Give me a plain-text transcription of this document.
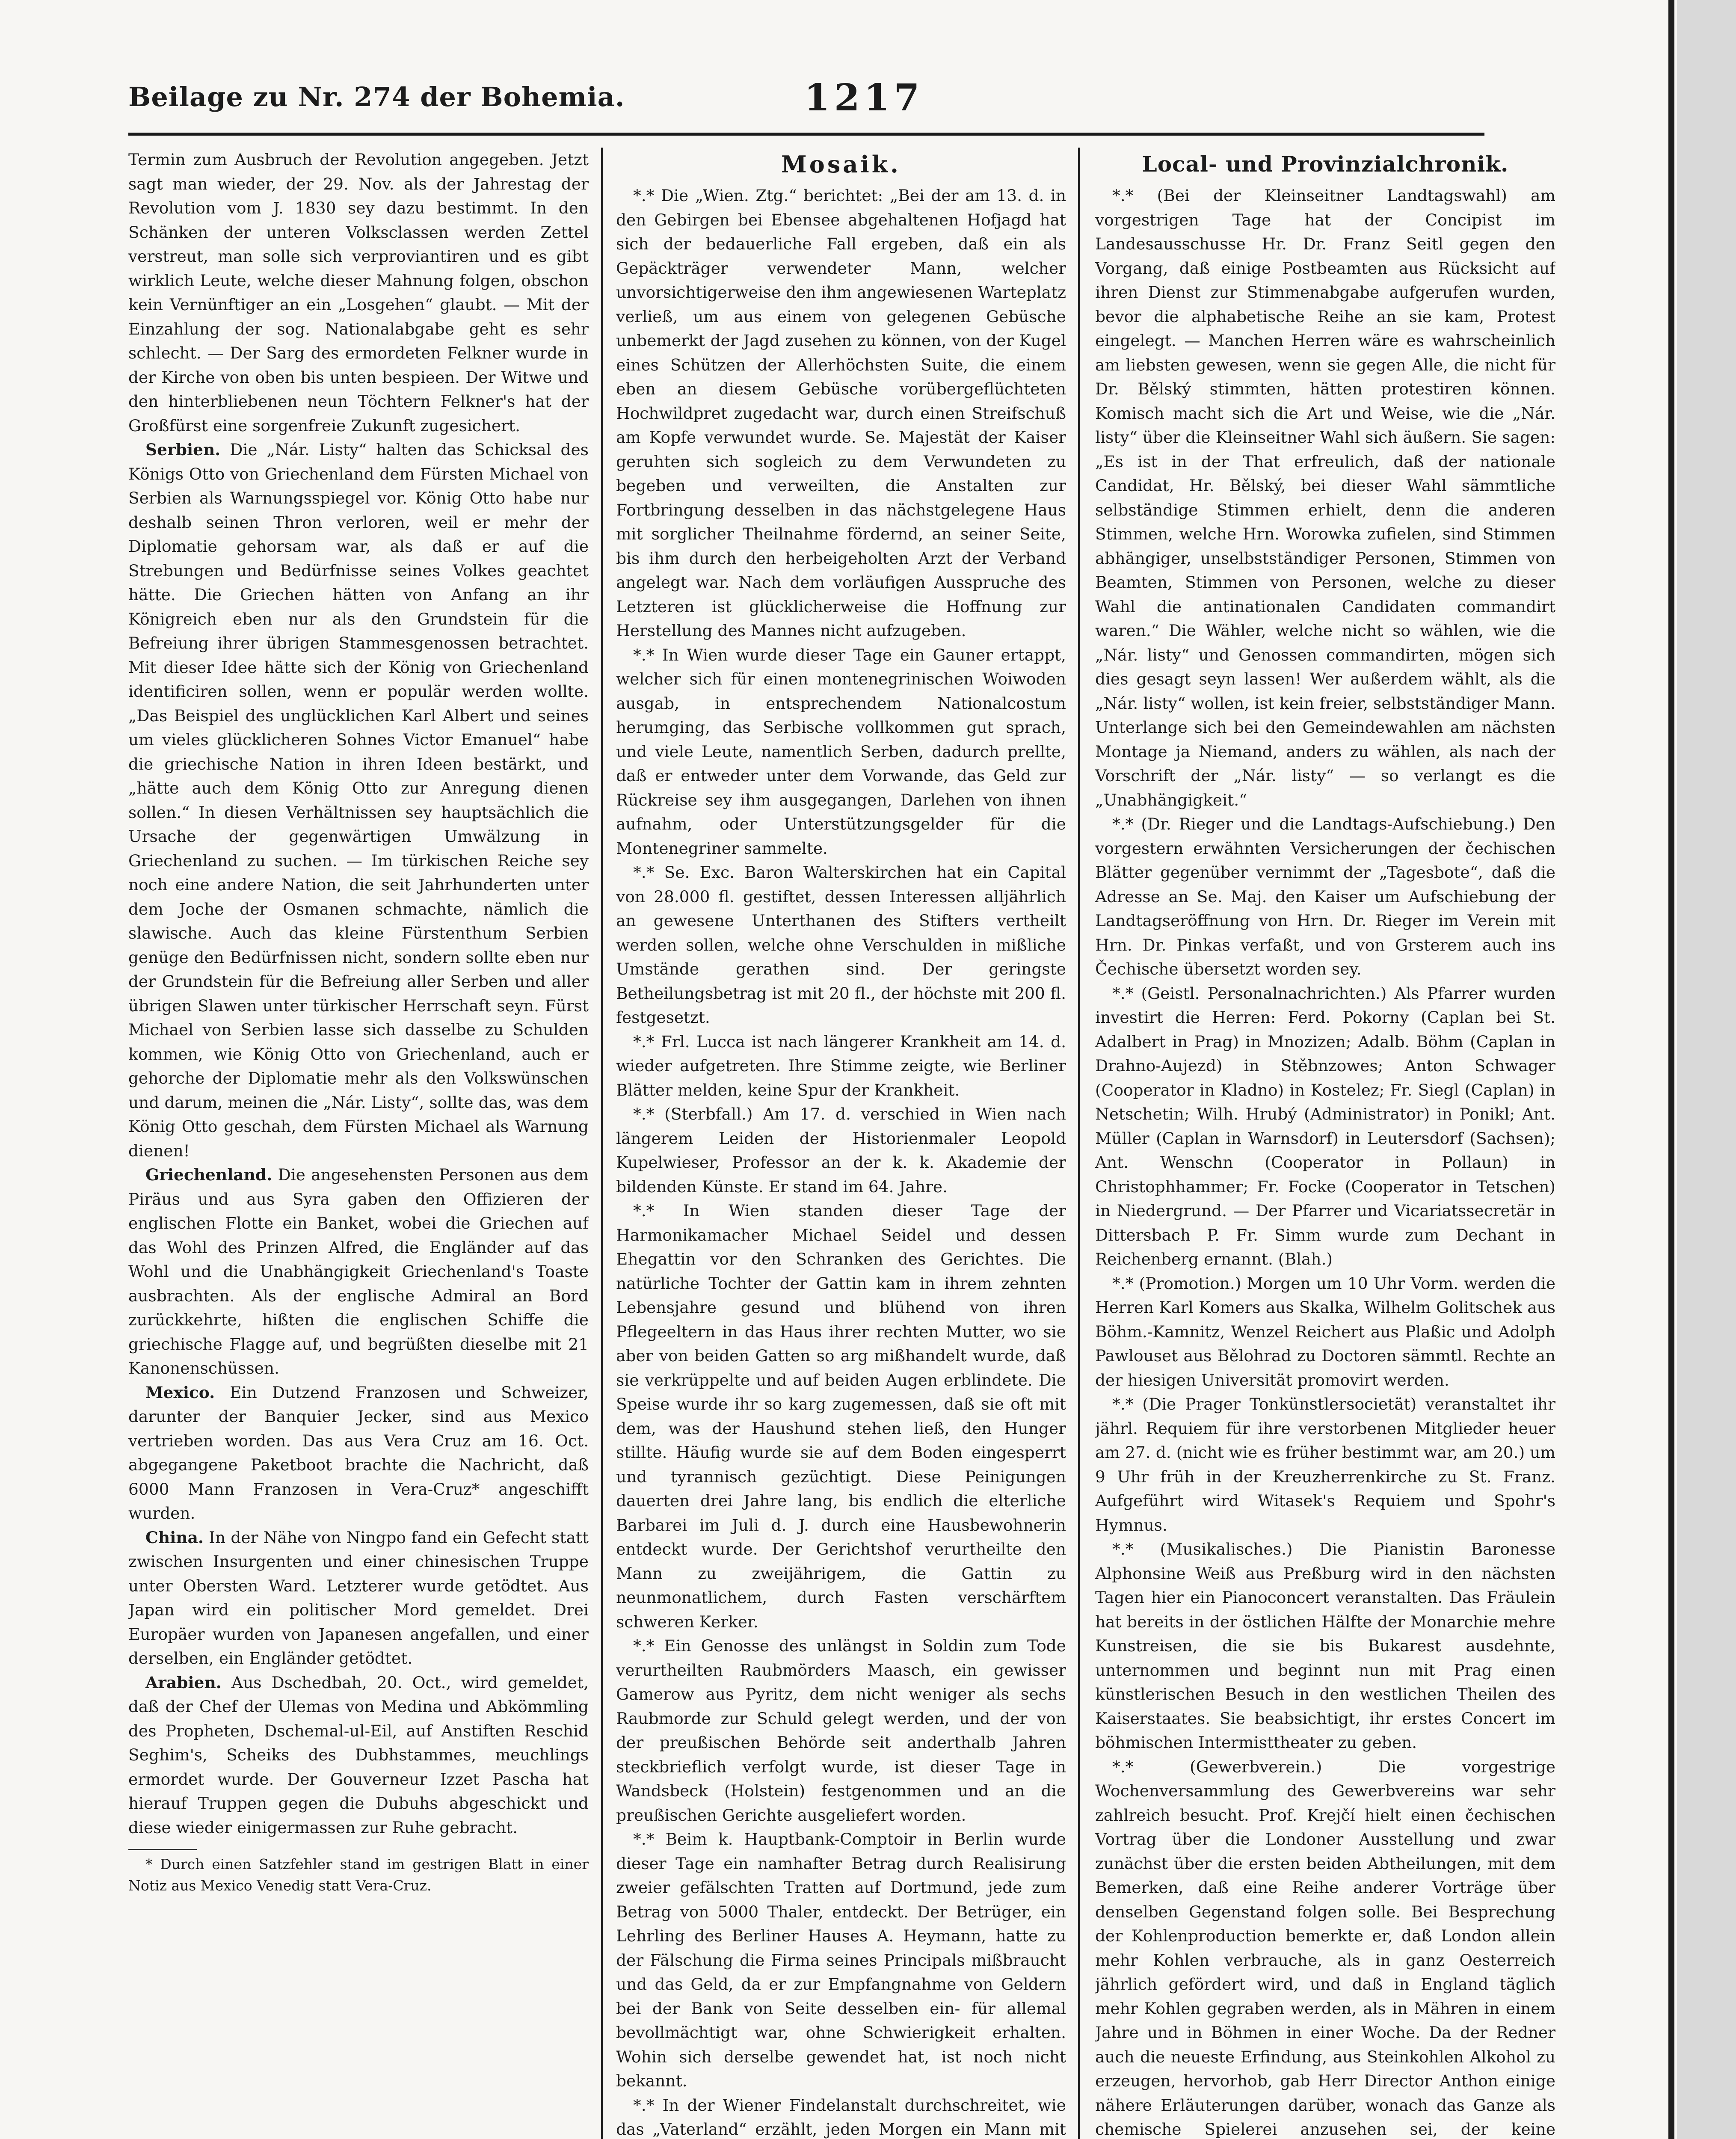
Beilage zu Nr. 274 der Bohemia.	1217

Termin zum Ausbruch der Revolution angegeben. Jetzt sagt man wieder, der 29. Nov. als der Jahrestag der Revolution vom J. 1830 sey dazu bestimmt. In den Schänken der unteren Volksclassen werden Zettel verstreut, man solle sich verproviantiren und es gibt wirklich Leute, welche dieser Mahnung folgen, obschon kein Vernünftiger an ein „Losgehen“ glaubt. — Mit der Einzahlung der sog. Nationalabgabe geht es sehr schlecht. — Der Sarg des ermordeten Felkner wurde in der Kirche von oben bis unten bespieen. Der Witwe und den hinterbliebenen neun Töchtern Felkner's hat der Großfürst eine sorgenfreie Zukunft zugesichert.

Serbien. Die „Nár. Listy“ halten das Schicksal des Königs Otto von Griechenland dem Fürsten Michael von Serbien als Warnungsspiegel vor. König Otto habe nur deshalb seinen Thron verloren, weil er mehr der Diplomatie gehorsam war, als daß er auf die Strebungen und Bedürfnisse seines Volkes geachtet hätte. Die Griechen hätten von Anfang an ihr Königreich eben nur als den Grundstein für die Befreiung ihrer übrigen Stammesgenossen betrachtet. Mit dieser Idee hätte sich der König von Griechenland identificiren sollen, wenn er populär werden wollte. „Das Beispiel des unglücklichen Karl Albert und seines um vieles glücklicheren Sohnes Victor Emanuel“ habe die griechische Nation in ihren Ideen bestärkt, und „hätte auch dem König Otto zur Anregung dienen sollen.“ In diesen Verhältnissen sey hauptsächlich die Ursache der gegenwärtigen Umwälzung in Griechenland zu suchen. — Im türkischen Reiche sey noch eine andere Nation, die seit Jahrhunderten unter dem Joche der Osmanen schmachte, nämlich die slawische. Auch das kleine Fürstenthum Serbien genüge den Bedürfnissen nicht, sondern sollte eben nur der Grundstein für die Befreiung aller Serben und aller übrigen Slawen unter türkischer Herrschaft seyn. Fürst Michael von Serbien lasse sich dasselbe zu Schulden kommen, wie König Otto von Griechenland, auch er gehorche der Diplomatie mehr als den Volkswünschen und darum, meinen die „Nár. Listy“, sollte das, was dem König Otto geschah, dem Fürsten Michael als Warnung dienen!

Griechenland. Die angesehensten Personen aus dem Piräus und aus Syra gaben den Offizieren der englischen Flotte ein Banket, wobei die Griechen auf das Wohl des Prinzen Alfred, die Engländer auf das Wohl und die Unabhängigkeit Griechenland's Toaste ausbrachten. Als der englische Admiral an Bord zurückkehrte, hißten die englischen Schiffe die griechische Flagge auf, und begrüßten dieselbe mit 21 Kanonenschüssen.

Mexico. Ein Dutzend Franzosen und Schweizer, darunter der Banquier Jecker, sind aus Mexico vertrieben worden. Das aus Vera Cruz am 16. Oct. abgegangene Paketboot brachte die Nachricht, daß 6000 Mann Franzosen in Vera-Cruz* angeschifft wurden.

China. In der Nähe von Ningpo fand ein Gefecht statt zwischen Insurgenten und einer chinesischen Truppe unter Obersten Ward. Letzterer wurde getödtet. Aus Japan wird ein politischer Mord gemeldet. Drei Europäer wurden von Japanesen angefallen, und einer derselben, ein Engländer getödtet.

Arabien. Aus Dschedbah, 20. Oct., wird gemeldet, daß der Chef der Ulemas von Medina und Abkömmling des Propheten, Dschemal-ul-Eil, auf Anstiften Reschid Seghim's, Scheiks des Dubhstammes, meuchlings ermordet wurde. Der Gouverneur Izzet Pascha hat hierauf Truppen gegen die Dubuhs abgeschickt und diese wieder einigermassen zur Ruhe gebracht.

* Durch einen Satzfehler stand im gestrigen Blatt in einer Notiz aus Mexico Venedig statt Vera-Cruz.

Mosaik.

*.* Die „Wien. Ztg.“ berichtet: „Bei der am 13. d. in den Gebirgen bei Ebensee abgehaltenen Hofjagd hat sich der bedauerliche Fall ergeben, daß ein als Gepäckträger verwendeter Mann, welcher unvorsichtigerweise den ihm angewiesenen Warteplatz verließ, um aus einem von gelegenen Gebüsche unbemerkt der Jagd zusehen zu können, von der Kugel eines Schützen der Allerhöchsten Suite, die einem eben an diesem Gebüsche vorübergeflüchteten Hochwildpret zugedacht war, durch einen Streifschuß am Kopfe verwundet wurde. Se. Majestät der Kaiser geruhten sich sogleich zu dem Verwundeten zu begeben und verweilten, die Anstalten zur Fortbringung desselben in das nächstgelegene Haus mit sorglicher Theilnahme fördernd, an seiner Seite, bis ihm durch den herbeigeholten Arzt der Verband angelegt war. Nach dem vorläufigen Ausspruche des Letzteren ist glücklicherweise die Hoffnung zur Herstellung des Mannes nicht aufzugeben.

*.* In Wien wurde dieser Tage ein Gauner ertappt, welcher sich für einen montenegrinischen Woiwoden ausgab, in entsprechendem Nationalcostum herumging, das Serbische vollkommen gut sprach, und viele Leute, namentlich Serben, dadurch prellte, daß er entweder unter dem Vorwande, das Geld zur Rückreise sey ihm ausgegangen, Darlehen von ihnen aufnahm, oder Unterstützungsgelder für die Montenegriner sammelte.

*.* Se. Exc. Baron Walterskirchen hat ein Capital von 28.000 fl. gestiftet, dessen Interessen alljährlich an gewesene Unterthanen des Stifters vertheilt werden sollen, welche ohne Verschulden in mißliche Umstände gerathen sind. Der geringste Betheilungsbetrag ist mit 20 fl., der höchste mit 200 fl. festgesetzt.

*.* Frl. Lucca ist nach längerer Krankheit am 14. d. wieder aufgetreten. Ihre Stimme zeigte, wie Berliner Blätter melden, keine Spur der Krankheit.

*.* (Sterbfall.) Am 17. d. verschied in Wien nach längerem Leiden der Historienmaler Leopold Kupelwieser, Professor an der k. k. Akademie der bildenden Künste. Er stand im 64. Jahre.

*.* In Wien standen dieser Tage der Harmonikamacher Michael Seidel und dessen Ehegattin vor den Schranken des Gerichtes. Die natürliche Tochter der Gattin kam in ihrem zehnten Lebensjahre gesund und blühend von ihren Pflegeeltern in das Haus ihrer rechten Mutter, wo sie aber von beiden Gatten so arg mißhandelt wurde, daß sie verkrüppelte und auf beiden Augen erblindete. Die Speise wurde ihr so karg zugemessen, daß sie oft mit dem, was der Haushund stehen ließ, den Hunger stillte. Häufig wurde sie auf dem Boden eingesperrt und tyrannisch gezüchtigt. Diese Peinigungen dauerten drei Jahre lang, bis endlich die elterliche Barbarei im Juli d. J. durch eine Hausbewohnerin entdeckt wurde. Der Gerichtshof verurtheilte den Mann zu zweijährigem, die Gattin zu neunmonatlichem, durch Fasten verschärftem schweren Kerker.

*.* Ein Genosse des unlängst in Soldin zum Tode verurtheilten Raubmörders Maasch, ein gewisser Gamerow aus Pyritz, dem nicht weniger als sechs Raubmorde zur Schuld gelegt werden, und der von der preußischen Behörde seit anderthalb Jahren steckbrieflich verfolgt wurde, ist dieser Tage in Wandsbeck (Holstein) festgenommen und an die preußischen Gerichte ausgeliefert worden.

*.* Beim k. Hauptbank-Comptoir in Berlin wurde dieser Tage ein namhafter Betrag durch Realisirung zweier gefälschten Tratten auf Dortmund, jede zum Betrag von 5000 Thaler, entdeckt. Der Betrüger, ein Lehrling des Berliner Hauses A. Heymann, hatte zu der Fälschung die Firma seines Principals mißbraucht und das Geld, da er zur Empfangnahme von Geldern bei der Bank von Seite desselben ein- für allemal bevollmächtigt war, ohne Schwierigkeit erhalten. Wohin sich derselbe gewendet hat, ist noch nicht bekannt.

*.* In der Wiener Findelanstalt durchschreitet, wie das „Vaterland“ erzählt, jeden Morgen ein Mann mit

Local- und Provinzialchronik.

*.* (Bei der Kleinseitner Landtagswahl) am vorgestrigen Tage hat der Concipist im Landesausschusse Hr. Dr. Franz Seitl gegen den Vorgang, daß einige Postbeamten aus Rücksicht auf ihren Dienst zur Stimmenabgabe aufgerufen wurden, bevor die alphabetische Reihe an sie kam, Protest eingelegt. — Manchen Herren wäre es wahrscheinlich am liebsten gewesen, wenn sie gegen Alle, die nicht für Dr. Bělský stimmten, hätten protestiren können. Komisch macht sich die Art und Weise, wie die „Nár. listy“ über die Kleinseitner Wahl sich äußern. Sie sagen: „Es ist in der That erfreulich, daß der nationale Candidat, Hr. Bělský, bei dieser Wahl sämmtliche selbständige Stimmen erhielt, denn die anderen Stimmen, welche Hrn. Worowka zufielen, sind Stimmen abhängiger, unselbstständiger Personen, Stimmen von Beamten, Stimmen von Personen, welche zu dieser Wahl die antinationalen Candidaten commandirt waren.“ Die Wähler, welche nicht so wählen, wie die „Nár. listy“ und Genossen commandirten, mögen sich dies gesagt seyn lassen! Wer außerdem wählt, als die „Nár. listy“ wollen, ist kein freier, selbstständiger Mann. Unterlange sich bei den Gemeindewahlen am nächsten Montage ja Niemand, anders zu wählen, als nach der Vorschrift der „Nár. listy“ — so verlangt es die „Unabhängigkeit.“

*.* (Dr. Rieger und die Landtags-Aufschiebung.) Den vorgestern erwähnten Versicherungen der čechischen Blätter gegenüber vernimmt der „Tagesbote“, daß die Adresse an Se. Maj. den Kaiser um Aufschiebung der Landtagseröffnung von Hrn. Dr. Rieger im Verein mit Hrn. Dr. Pinkas verfaßt, und von Grsterem auch ins Čechische übersetzt worden sey.

*.* (Geistl. Personalnachrichten.) Als Pfarrer wurden investirt die Herren: Ferd. Pokorny (Caplan bei St. Adalbert in Prag) in Mnozizen; Adalb. Böhm (Caplan in Drahno-Aujezd) in Stěbnzowes; Anton Schwager (Cooperator in Kladno) in Kostelez; Fr. Siegl (Caplan) in Netschetin; Wilh. Hrubý (Administrator) in Ponikl; Ant. Müller (Caplan in Warnsdorf) in Leutersdorf (Sachsen); Ant. Wenschn (Cooperator in Pollaun) in Christophhammer; Fr. Focke (Cooperator in Tetschen) in Niedergrund. — Der Pfarrer und Vicariatssecretär in Dittersbach P. Fr. Simm wurde zum Dechant in Reichenberg ernannt. (Blah.)

*.* (Promotion.) Morgen um 10 Uhr Vorm. werden die Herren Karl Komers aus Skalka, Wilhelm Golitschek aus Böhm.-Kamnitz, Wenzel Reichert aus Plaßic und Adolph Pawlouset aus Bělohrad zu Doctoren sämmtl. Rechte an der hiesigen Universität promovirt werden.

*.* (Die Prager Tonkünstlersocietät) veranstaltet ihr jährl. Requiem für ihre verstorbenen Mitglieder heuer am 27. d. (nicht wie es früher bestimmt war, am 20.) um 9 Uhr früh in der Kreuzherrenkirche zu St. Franz. Aufgeführt wird Witasek's Requiem und Spohr's Hymnus.

*.* (Musikalisches.) Die Pianistin Baronesse Alphonsine Weiß aus Preßburg wird in den nächsten Tagen hier ein Pianoconcert veranstalten. Das Fräulein hat bereits in der östlichen Hälfte der Monarchie mehre Kunstreisen, die sie bis Bukarest ausdehnte, unternommen und beginnt nun mit Prag einen künstlerischen Besuch in den westlichen Theilen des Kaiserstaates. Sie beabsichtigt, ihr erstes Concert im böhmischen Intermisttheater zu geben.

*.* (Gewerbverein.) Die vorgestrige Wochenversammlung des Gewerbvereins war sehr zahlreich besucht. Prof. Krejčí hielt einen čechischen Vortrag über die Londoner Ausstellung und zwar zunächst über die ersten beiden Abtheilungen, mit dem Bemerken, daß eine Reihe anderer Vorträge über denselben Gegenstand folgen solle. Bei Besprechung der Kohlenproduction bemerkte er, daß London allein mehr Kohlen verbrauche, als in ganz Oesterreich jährlich gefördert wird, und daß in England täglich mehr Kohlen gegraben werden, als in Mähren in einem Jahre und in Böhmen in einer Woche. Da der Redner auch die neueste Erfindung, aus Steinkohlen Alkohol zu erzeugen, hervorhob, gab Herr Director Anthon einige nähere Erläuterungen darüber, wonach das Ganze als chemische Spielerei anzusehen sei, der keine
